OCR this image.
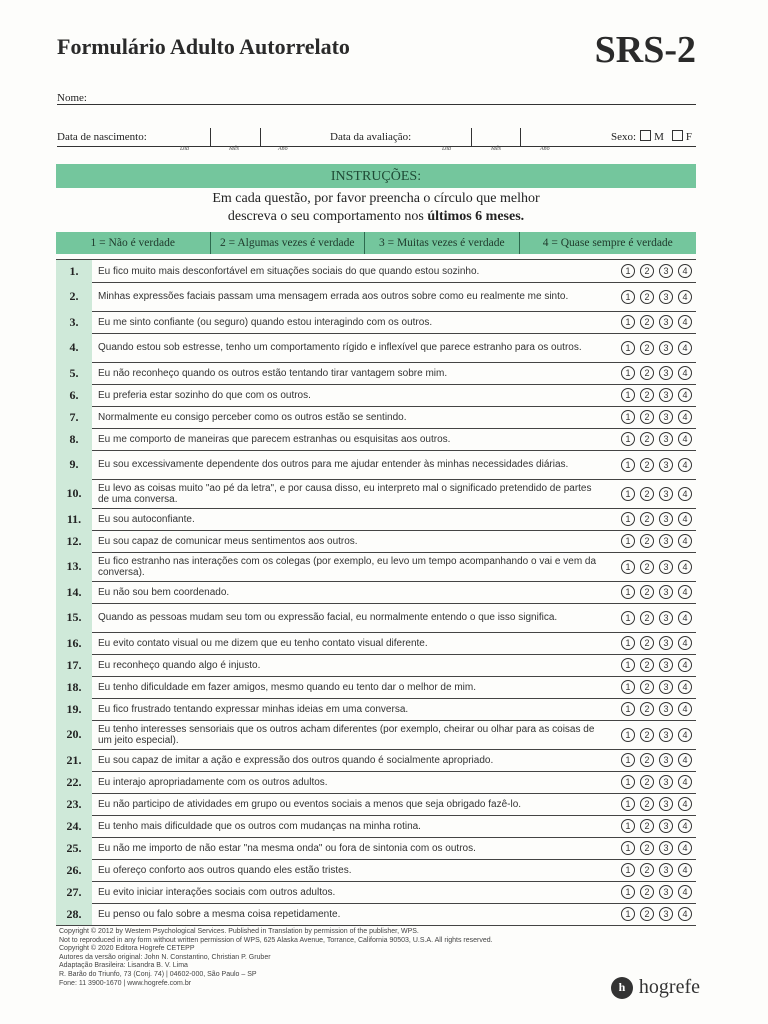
Formulário Adulto Autorrelato	SRS-2
Nome:
Data de nascimento:	Data da avaliação:	Sexo: M F
Dia	Mês	Ano	Dia	Mês	Ano
INSTRUÇÕES:
Em cada questão, por favor preencha o círculo que melhor
descreva o seu comportamento nos últimos 6 meses.
1 = Não é verdade	2 = Algumas vezes é verdade	3 = Muitas vezes é verdade	4 = Quase sempre é verdade
1.	Eu fico muito mais desconfortável em situações sociais do que quando estou sozinho.	1	2	3	4
2.	Minhas expressões faciais passam uma mensagem errada aos outros sobre como eu realmente me sinto.	1	2	3	4
3.	Eu me sinto confiante (ou seguro) quando estou interagindo com os outros.	1	2	3	4
4.	Quando estou sob estresse, tenho um comportamento rígido e inflexível que parece estranho para os outros.	1	2	3	4
5.	Eu não reconheço quando os outros estão tentando tirar vantagem sobre mim.	1	2	3	4
6.	Eu preferia estar sozinho do que com os outros.	1	2	3	4
7.	Normalmente eu consigo perceber como os outros estão se sentindo.	1	2	3	4
8.	Eu me comporto de maneiras que parecem estranhas ou esquisitas aos outros.	1	2	3	4
9.	Eu sou excessivamente dependente dos outros para me ajudar entender às minhas necessidades diárias.	1	2	3	4
10.	Eu levo as coisas muito "ao pé da letra", e por causa disso, eu interpreto mal o significado pretendido de partes de uma conversa.	1	2	3	4
11.	Eu sou autoconfiante.	1	2	3	4
12.	Eu sou capaz de comunicar meus sentimentos aos outros.	1	2	3	4
13.	Eu fico estranho nas interações com os colegas (por exemplo, eu levo um tempo acompanhando o vai e vem da conversa).	1	2	3	4
14.	Eu não sou bem coordenado.	1	2	3	4
15.	Quando as pessoas mudam seu tom ou expressão facial, eu normalmente entendo o que isso significa.	1	2	3	4
16.	Eu evito contato visual ou me dizem que eu tenho contato visual diferente.	1	2	3	4
17.	Eu reconheço quando algo é injusto.	1	2	3	4
18.	Eu tenho dificuldade em fazer amigos, mesmo quando eu tento dar o melhor de mim.	1	2	3	4
19.	Eu fico frustrado tentando expressar minhas ideias em uma conversa.	1	2	3	4
20.	Eu tenho interesses sensoriais que os outros acham diferentes (por exemplo, cheirar ou olhar para as coisas de um jeito especial).	1	2	3	4
21.	Eu sou capaz de imitar a ação e expressão dos outros quando é socialmente apropriado.	1	2	3	4
22.	Eu interajo apropriadamente com os outros adultos.	1	2	3	4
23.	Eu não participo de atividades em grupo ou eventos sociais a menos que seja obrigado fazê-lo.	1	2	3	4
24.	Eu tenho mais dificuldade que os outros com mudanças na minha rotina.	1	2	3	4
25.	Eu não me importo de não estar "na mesma onda" ou fora de sintonia com os outros.	1	2	3	4
26.	Eu ofereço conforto aos outros quando eles estão tristes.	1	2	3	4
27.	Eu evito iniciar interações sociais com outros adultos.	1	2	3	4
28.	Eu penso ou falo sobre a mesma coisa repetidamente.	1	2	3	4
Copyright © 2012 by Western Psychological Services. Published in Translation by permission of the publisher, WPS.
Not to reproduced in any form without written permission of WPS, 625 Alaska Avenue, Torrance, California 90503, U.S.A. All rights reserved.
Copyright © 2020 Editora Hogrefe CETEPP
Autores da versão original: John N. Constantino, Christian P. Gruber
Adaptação Brasileira: Lisandra B. V. Lima
R. Barão do Triunfo, 73 (Conj. 74) | 04602-000, São Paulo – SP
Fone: 11 3900-1670 | www.hogrefe.com.br	h hogrefe
